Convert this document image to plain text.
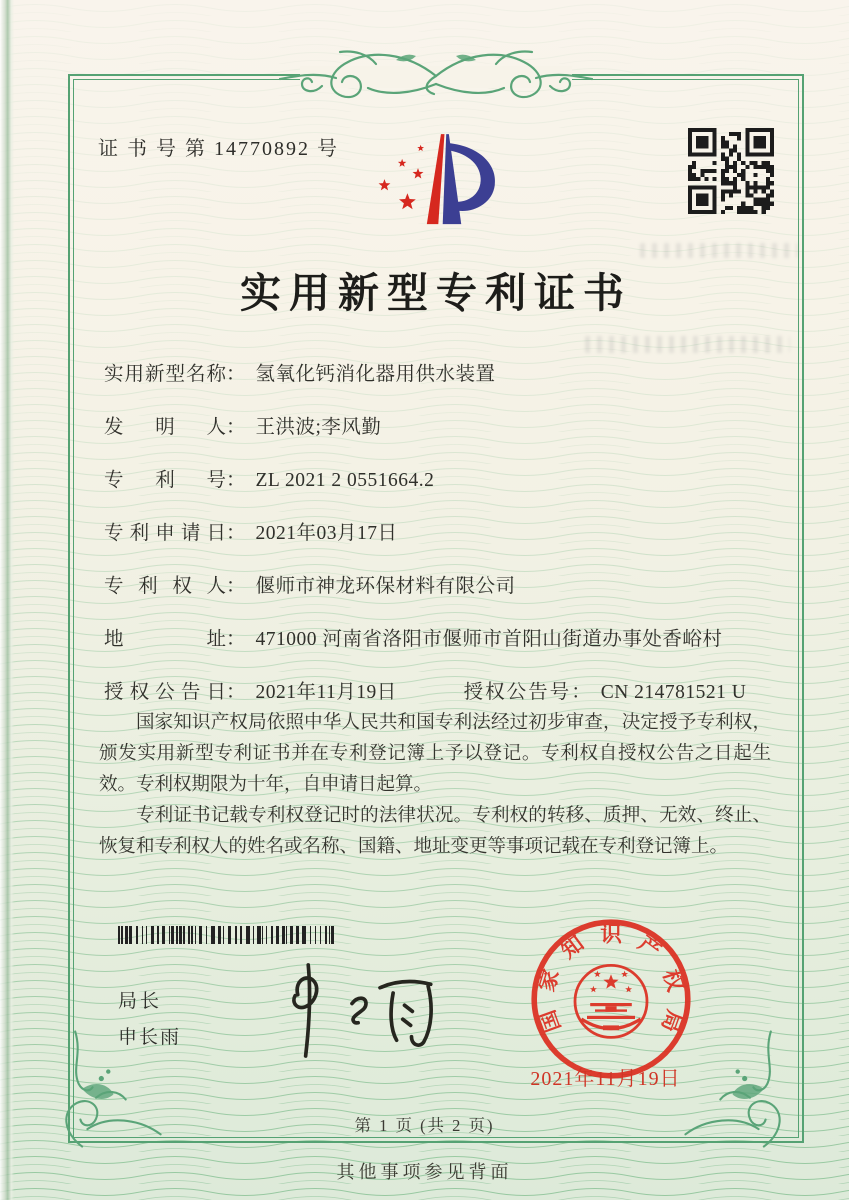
证 书 号 第 14770892 号
实用新型专利证书
实用新型名称： 氢氧化钙消化器用供水装置
发明人： 王洪波;李风勤
专利号： ZL 2021 2 0551664.2
专利申请日： 2021年03月17日
专利权人： 偃师市神龙环保材料有限公司
地址： 471000 河南省洛阳市偃师市首阳山街道办事处香峪村
授权公告日： 2021年11月19日	授权公告号： CN 214781521 U

国家知识产权局依照中华人民共和国专利法经过初步审查，决定授予专利权，颁发实用新型专利证书并在专利登记簿上予以登记。专利权自授权公告之日起生效。专利权期限为十年，自申请日起算。

专利证书记载专利权登记时的法律状况。专利权的转移、质押、无效、终止、恢复和专利权人的姓名或名称、国籍、地址变更等事项记载在专利登记簿上。

局长
申长雨
国
家
知 识 产
权
局
2021年11月19日
第 1 页 (共 2 页)
其他事项参见背面
